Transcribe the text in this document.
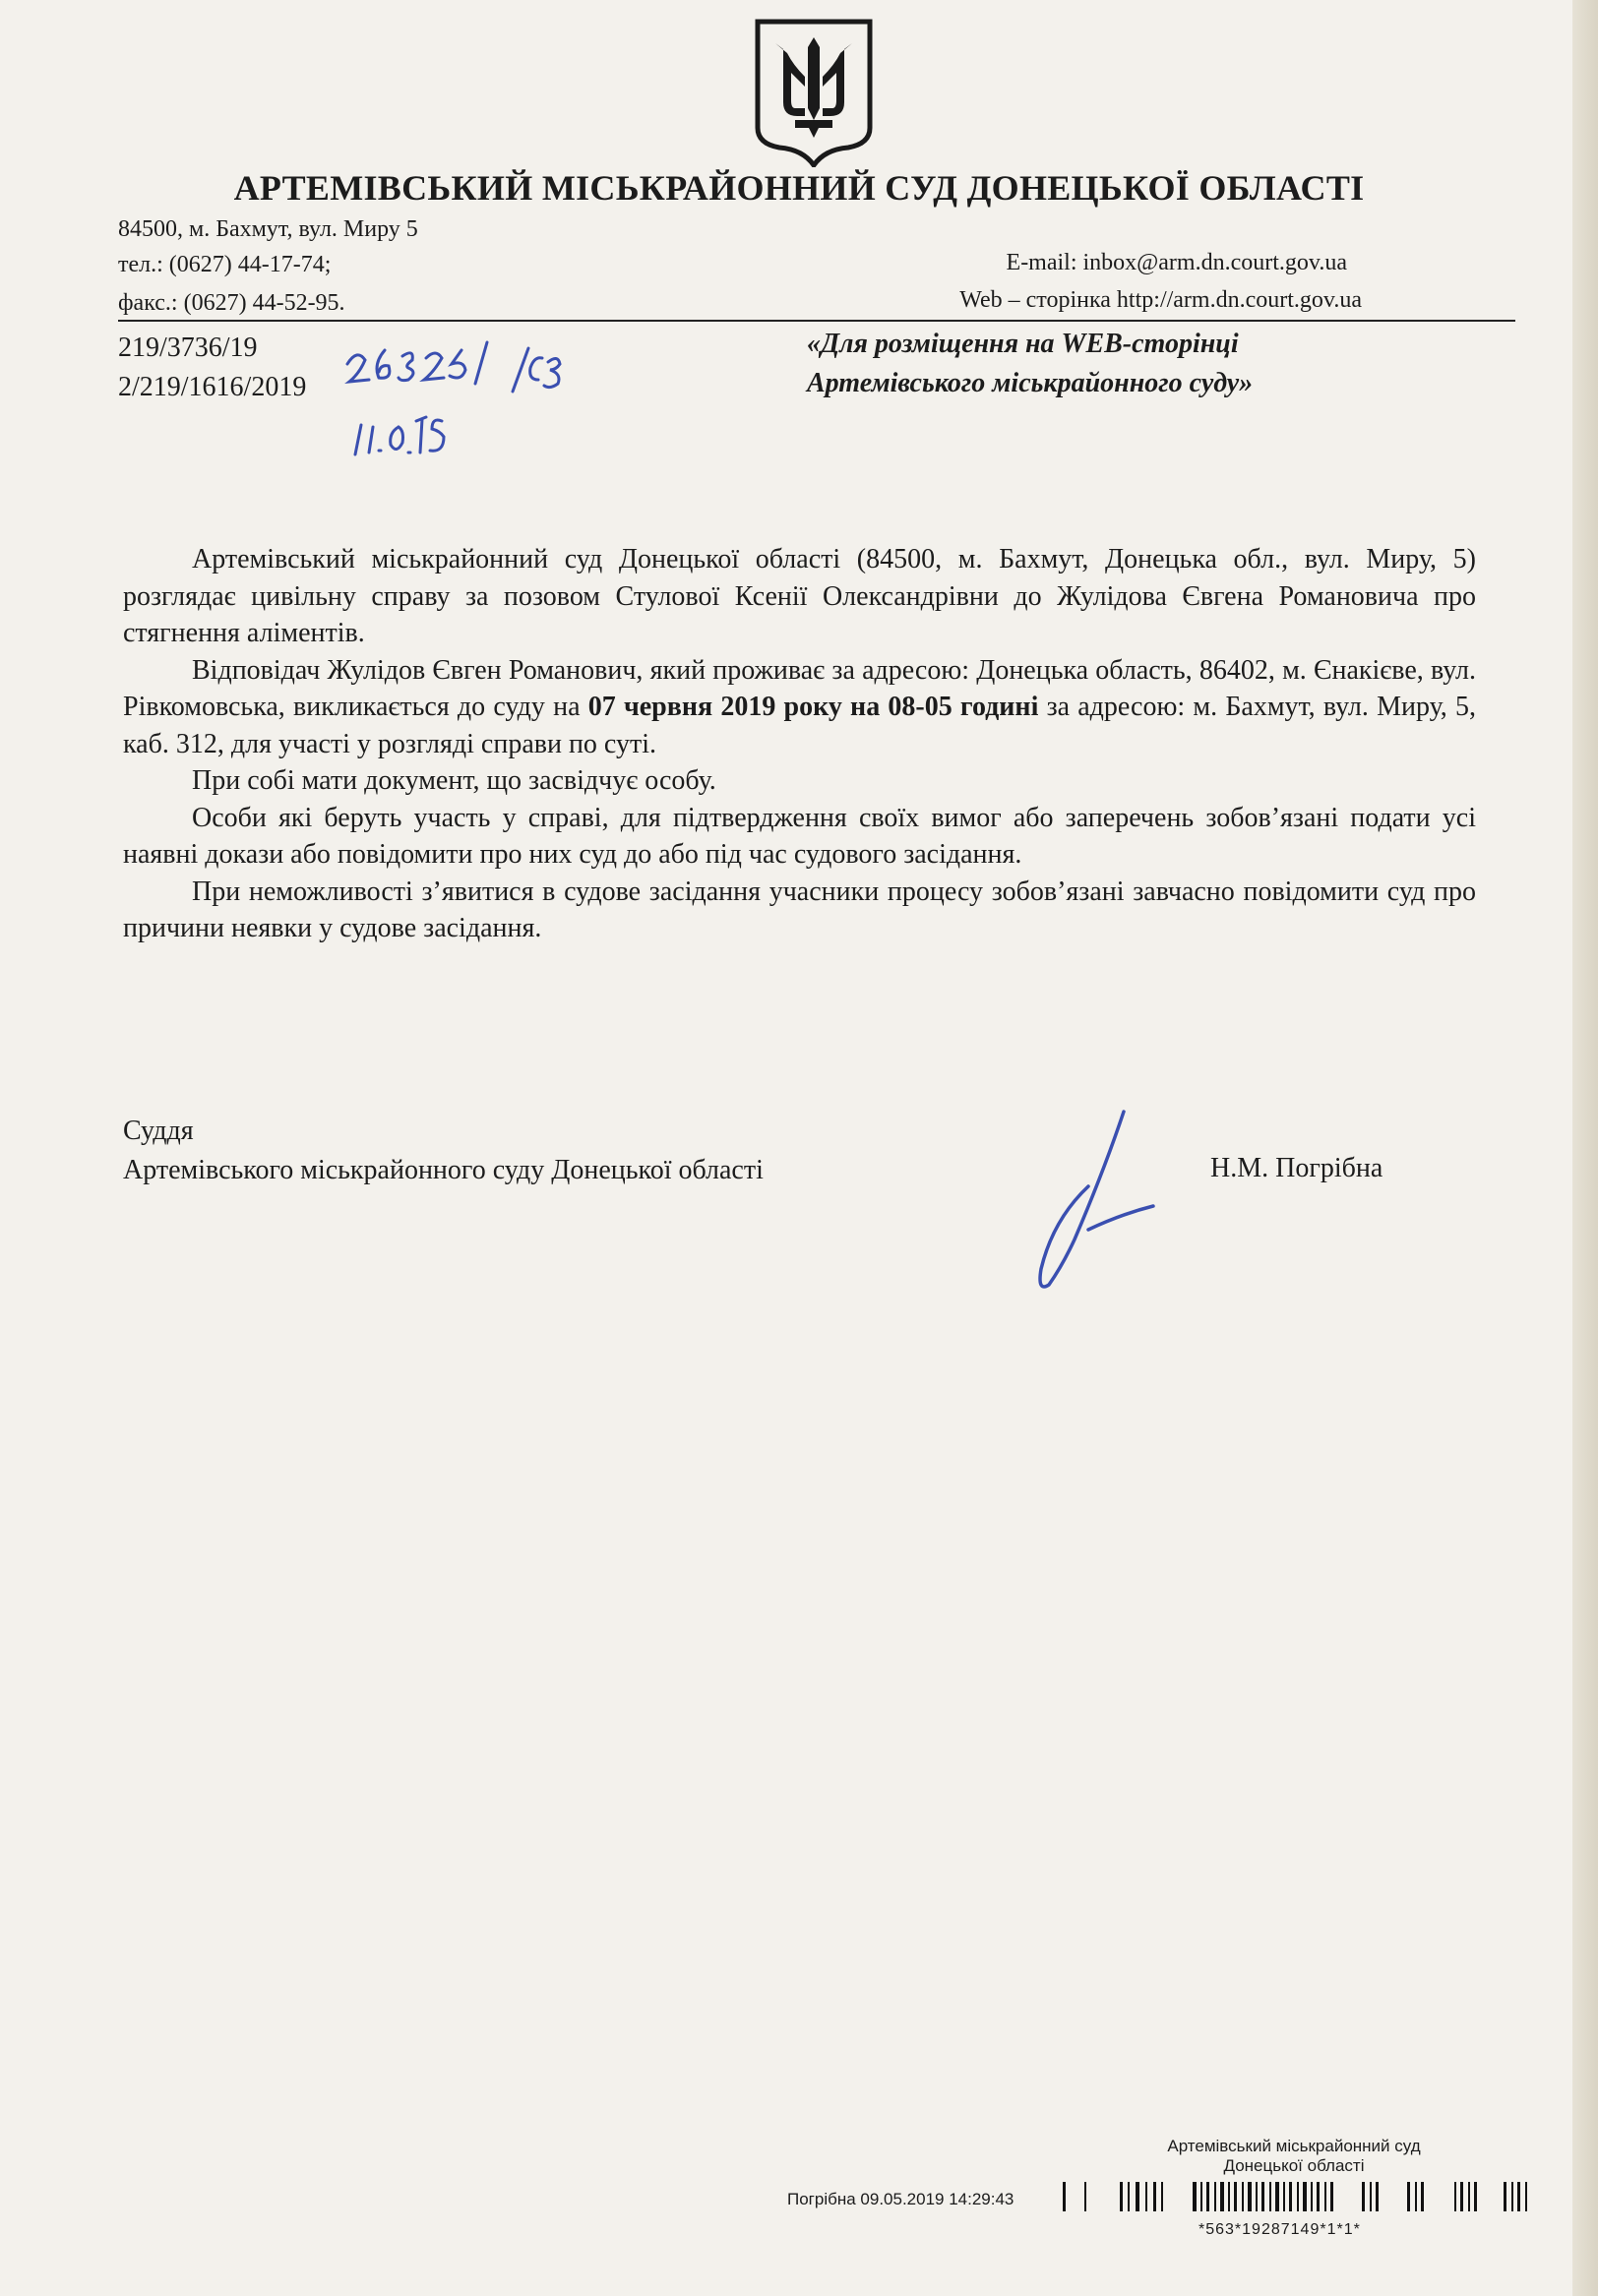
АРТЕМІВСЬКИЙ МІСЬКРАЙОННИЙ СУД ДОНЕЦЬКОЇ ОБЛАСТІ
84500, м. Бахмут, вул. Миру 5
тел.: (0627) 44-17-74;
факс.: (0627) 44-52-95.
E-mail: inbox@arm.dn.court.gov.ua
Web – сторінка http://arm.dn.court.gov.ua
219/3736/19
2/219/1616/2019
«Для розміщення на WEB-сторінці
Артемівського міськрайонного суду»

Артемівський міськрайонний суд Донецької області (84500, м. Бахмут, Донецька обл., вул. Миру, 5) розглядає цивільну справу за позовом Стулової Ксенії Олександрівни до Жулідова Євгена Романовича про стягнення аліментів.

Відповідач Жулідов Євген Романович, який проживає за адресою: Донецька область, 86402, м. Єнакієве, вул. Рівкомовська, викликається до суду на 07 червня 2019 року на 08-05 годині за адресою: м. Бахмут, вул. Миру, 5, каб. 312, для участі у розгляді справи по суті.

При собі мати документ, що засвідчує особу.

Особи які беруть участь у справі, для підтвердження своїх вимог або заперечень зобов’язані подати усі наявні докази або повідомити про них суд до або під час судового засідання.

При неможливості з’явитися в судове засідання учасники процесу зобов’язані завчасно повідомити суд про причини неявки у судове засідання.

Суддя
Артемівського міськрайонного суду Донецької області	Н.М. Погрібна
Артемівський міськрайонний суд
Донецької області
Погрібна 09.05.2019 14:29:43
*563*19287149*1*1*
